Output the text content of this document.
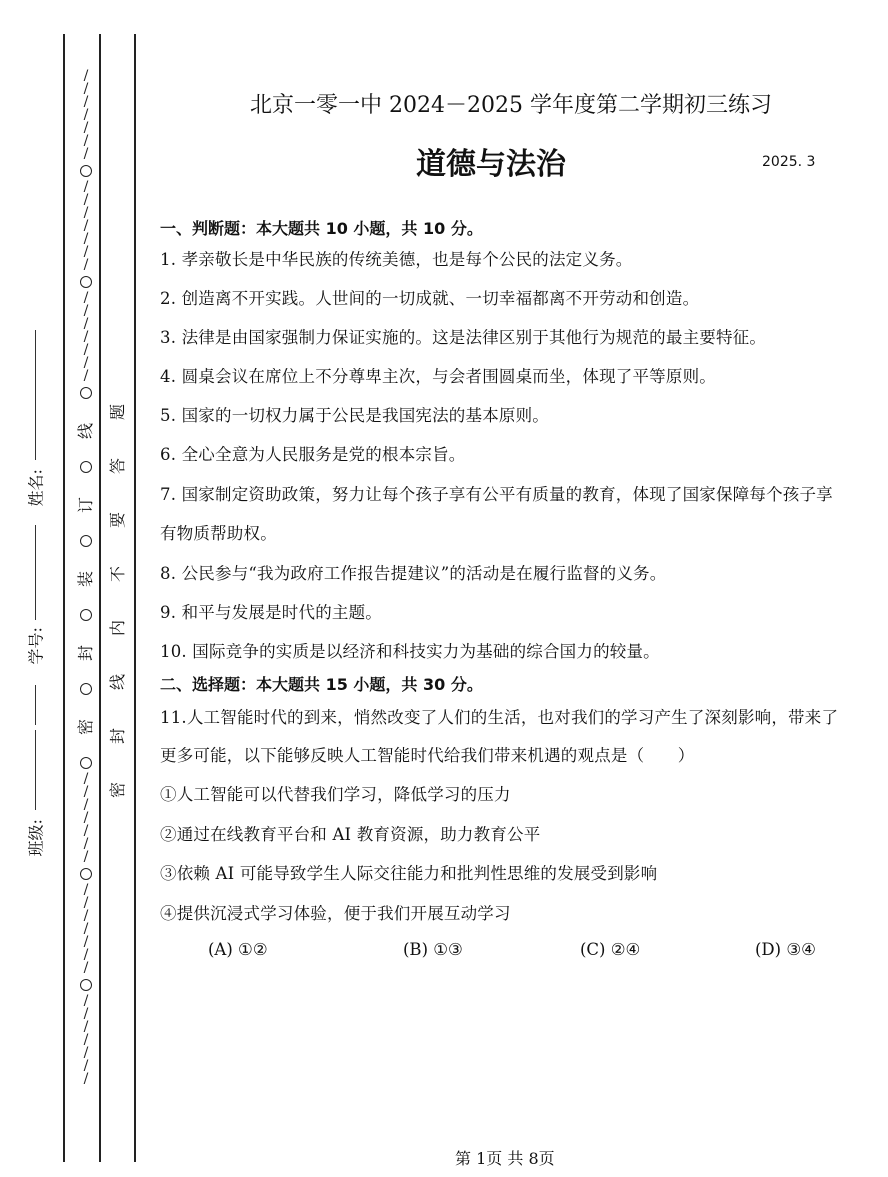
/
/
/
/
/
/
/
/
/
/
/
/
/
/
/
/
/
/
/
/
/
线
订
装
封
密
/
/
/
/
/
/
/
/
/
/
/
/
/
/
/
/
/
/
/
/
/
题
答
要
不
内
线
封
密
姓名:
学号:
班级:
北京一零一中 2024－2025 学年度第二学期初三练习
道德与法治	2025. 3
一、判断题：本大题共 10 小题，共 10 分。
1. 孝亲敬长是中华民族的传统美德，也是每个公民的法定义务。
2. 创造离不开实践。人世间的一切成就、一切幸福都离不开劳动和创造。
3. 法律是由国家强制力保证实施的。这是法律区别于其他行为规范的最主要特征。
4. 圆桌会议在席位上不分尊卑主次，与会者围圆桌而坐，体现了平等原则。
5. 国家的一切权力属于公民是我国宪法的基本原则。
6. 全心全意为人民服务是党的根本宗旨。
7. 国家制定资助政策，努力让每个孩子享有公平有质量的教育，体现了国家保障每个孩子享
有物质帮助权。
8. 公民参与“我为政府工作报告提建议”的活动是在履行监督的义务。
9. 和平与发展是时代的主题。
10. 国际竞争的实质是以经济和科技实力为基础的综合国力的较量。
二、选择题：本大题共 15 小题，共 30 分。
11.人工智能时代的到来，悄然改变了人们的生活，也对我们的学习产生了深刻影响，带来了
更多可能，以下能够反映人工智能时代给我们带来机遇的观点是（　　）
①人工智能可以代替我们学习，降低学习的压力
②通过在线教育平台和 AI 教育资源，助力教育公平
③依赖 AI 可能导致学生人际交往能力和批判性思维的发展受到影响
④提供沉浸式学习体验，便于我们开展互动学习
(A) ①②	(B) ①③	(C) ②④	(D) ③④
第 1页 共 8页
